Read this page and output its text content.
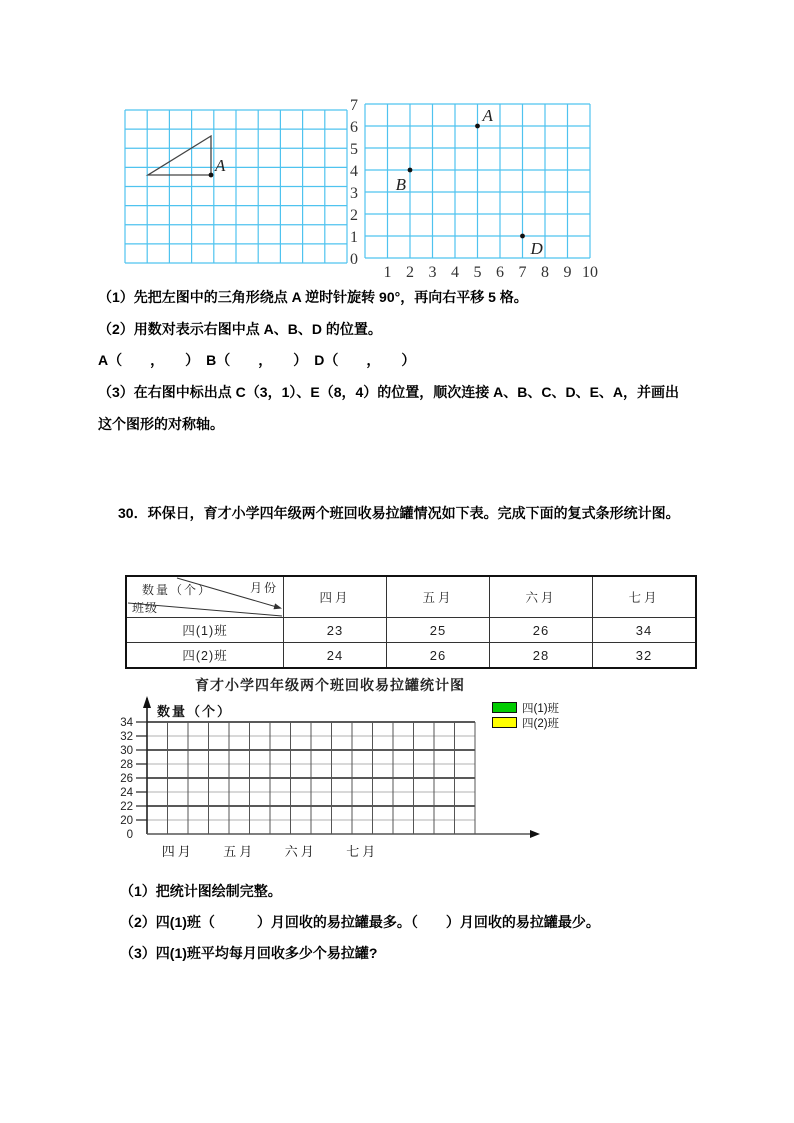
A
7
6
5
4
3
2
1
0
1 2 3 4 5 6 7 8 9 10
A
B
D
（1）先把左图中的三角形绕点 A 逆时针旋转 90°，再向右平移 5 格。
（2）用数对表示右图中点 A、B、D 的位置。
A（　　，　　）　B（　　，　　）　D（　　，　　）
（3）在右图中标出点 C（3，1）、E（8，4）的位置，顺次连接 A、B、C、D、E、A，并画出
这个图形的对称轴。
30．环保日，育才小学四年级两个班回收易拉罐情况如下表。完成下面的复式条形统计图。
数量（个） 月份
班级	四月	五月	六月	七月
四(1)班	23	25	26	34
四(2)班	24	26	28	32
育才小学四年级两个班回收易拉罐统计图
34
32
30
28
26
24
22
20
0
数量（个）
四月 五月 六月 七月
四(1)班
四(2)班
（1）把统计图绘制完整。
（2）四(1)班（　　　）月回收的易拉罐最多。（　　）月回收的易拉罐最少。
（3）四(1)班平均每月回收多少个易拉罐?
